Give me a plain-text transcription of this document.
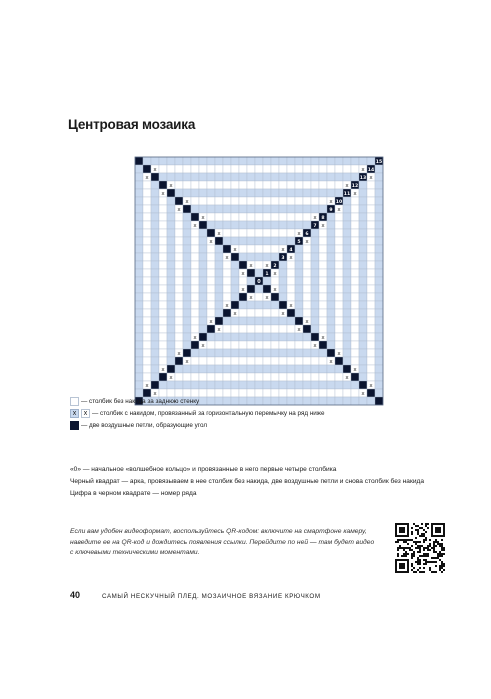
Центровая мозаика
x	x
x	x
x	x
x	x
x	x
x	x
x	x
x	x
x	x
x	x
x	x
x	x
x x
x	x
x	x
x x
x	x
x	x
x	x
x	x
x	x
x	x
x	x
x	x
x	x
x	x
x	x
x	x
0
1
2
3
4
5
6
7
8
9
10
11
12
13
14
15
— столбик без накида за заднюю стенку
x x — столбик с накидом, провязанный за горизонтальную перемычку на ряд ниже
— две воздушные петли, образующие угол
«0» — начальное «волшебное кольцо» и провязанные в него первые четыре столбика
Черный квадрат — арка, провязываем в нее столбик без накида, две воздушные петли и снова столбик без накида
Цифра в черном квадрате — номер ряда
Если вам удобен видеоформат, воспользуйтесь QR-кодом: включите на смартфоне камеру, наведите ее на QR-код и дождитесь появления ссылки. Перейдите по ней — там будет видео с ключевыми техническими моментами.
40	САМЫЙ НЕСКУЧНЫЙ ПЛЕД. МОЗАИЧНОЕ ВЯЗАНИЕ КРЮЧКОМ
